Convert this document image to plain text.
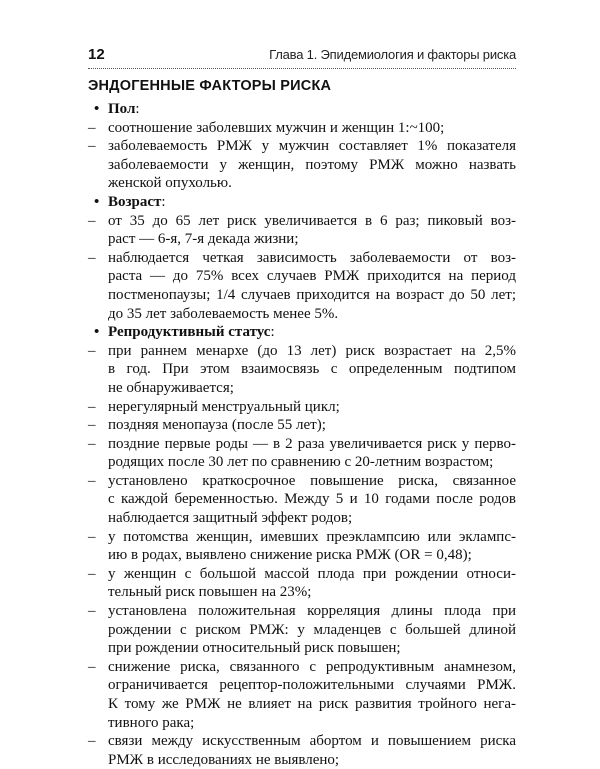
12	Глава 1. Эпидемиология и факторы риска
ЭНДОГЕННЫЕ ФАКТОРЫ РИСКА
• Пол:
– соотношение заболевших мужчин и женщин 1:~100;
– заболеваемость РМЖ у мужчин составляет 1% показателя
заболеваемости у женщин, поэтому РМЖ можно назвать
женской опухолью.
• Возраст:
– от 35 до 65 лет риск увеличивается в 6 раз; пиковый воз-
раст — 6-я, 7-я декада жизни;
– наблюдается четкая зависимость заболеваемости от воз-
раста — до 75% всех случаев РМЖ приходится на период
постменопаузы; 1/4 случаев приходится на возраст до 50 лет;
до 35 лет заболеваемость менее 5%.
• Репродуктивный статус:
– при раннем менархе (до 13 лет) риск возрастает на 2,5%
в год. При этом взаимосвязь с определенным подтипом
не обнаруживается;
– нерегулярный менструальный цикл;
– поздняя менопауза (после 55 лет);
– поздние первые роды — в 2 раза увеличивается риск у перво-
родящих после 30 лет по сравнению с 20-летним возрастом;
– установлено краткосрочное повышение риска, связанное
с каждой беременностью. Между 5 и 10 годами после родов
наблюдается защитный эффект родов;
– у потомства женщин, имевших преэклампсию или эклампс-
ию в родах, выявлено снижение риска РМЖ (OR = 0,48);
– у женщин с большой массой плода при рождении относи-
тельный риск повышен на 23%;
– установлена положительная корреляция длины плода при
рождении с риском РМЖ: у младенцев с большей длиной
при рождении относительный риск повышен;
– снижение риска, связанного с репродуктивным анамнезом,
ограничивается рецептор-положительными случаями РМЖ.
К тому же РМЖ не влияет на риск развития тройного нега-
тивного рака;
– связи между искусственным абортом и повышением риска
РМЖ в исследованиях не выявлено;
